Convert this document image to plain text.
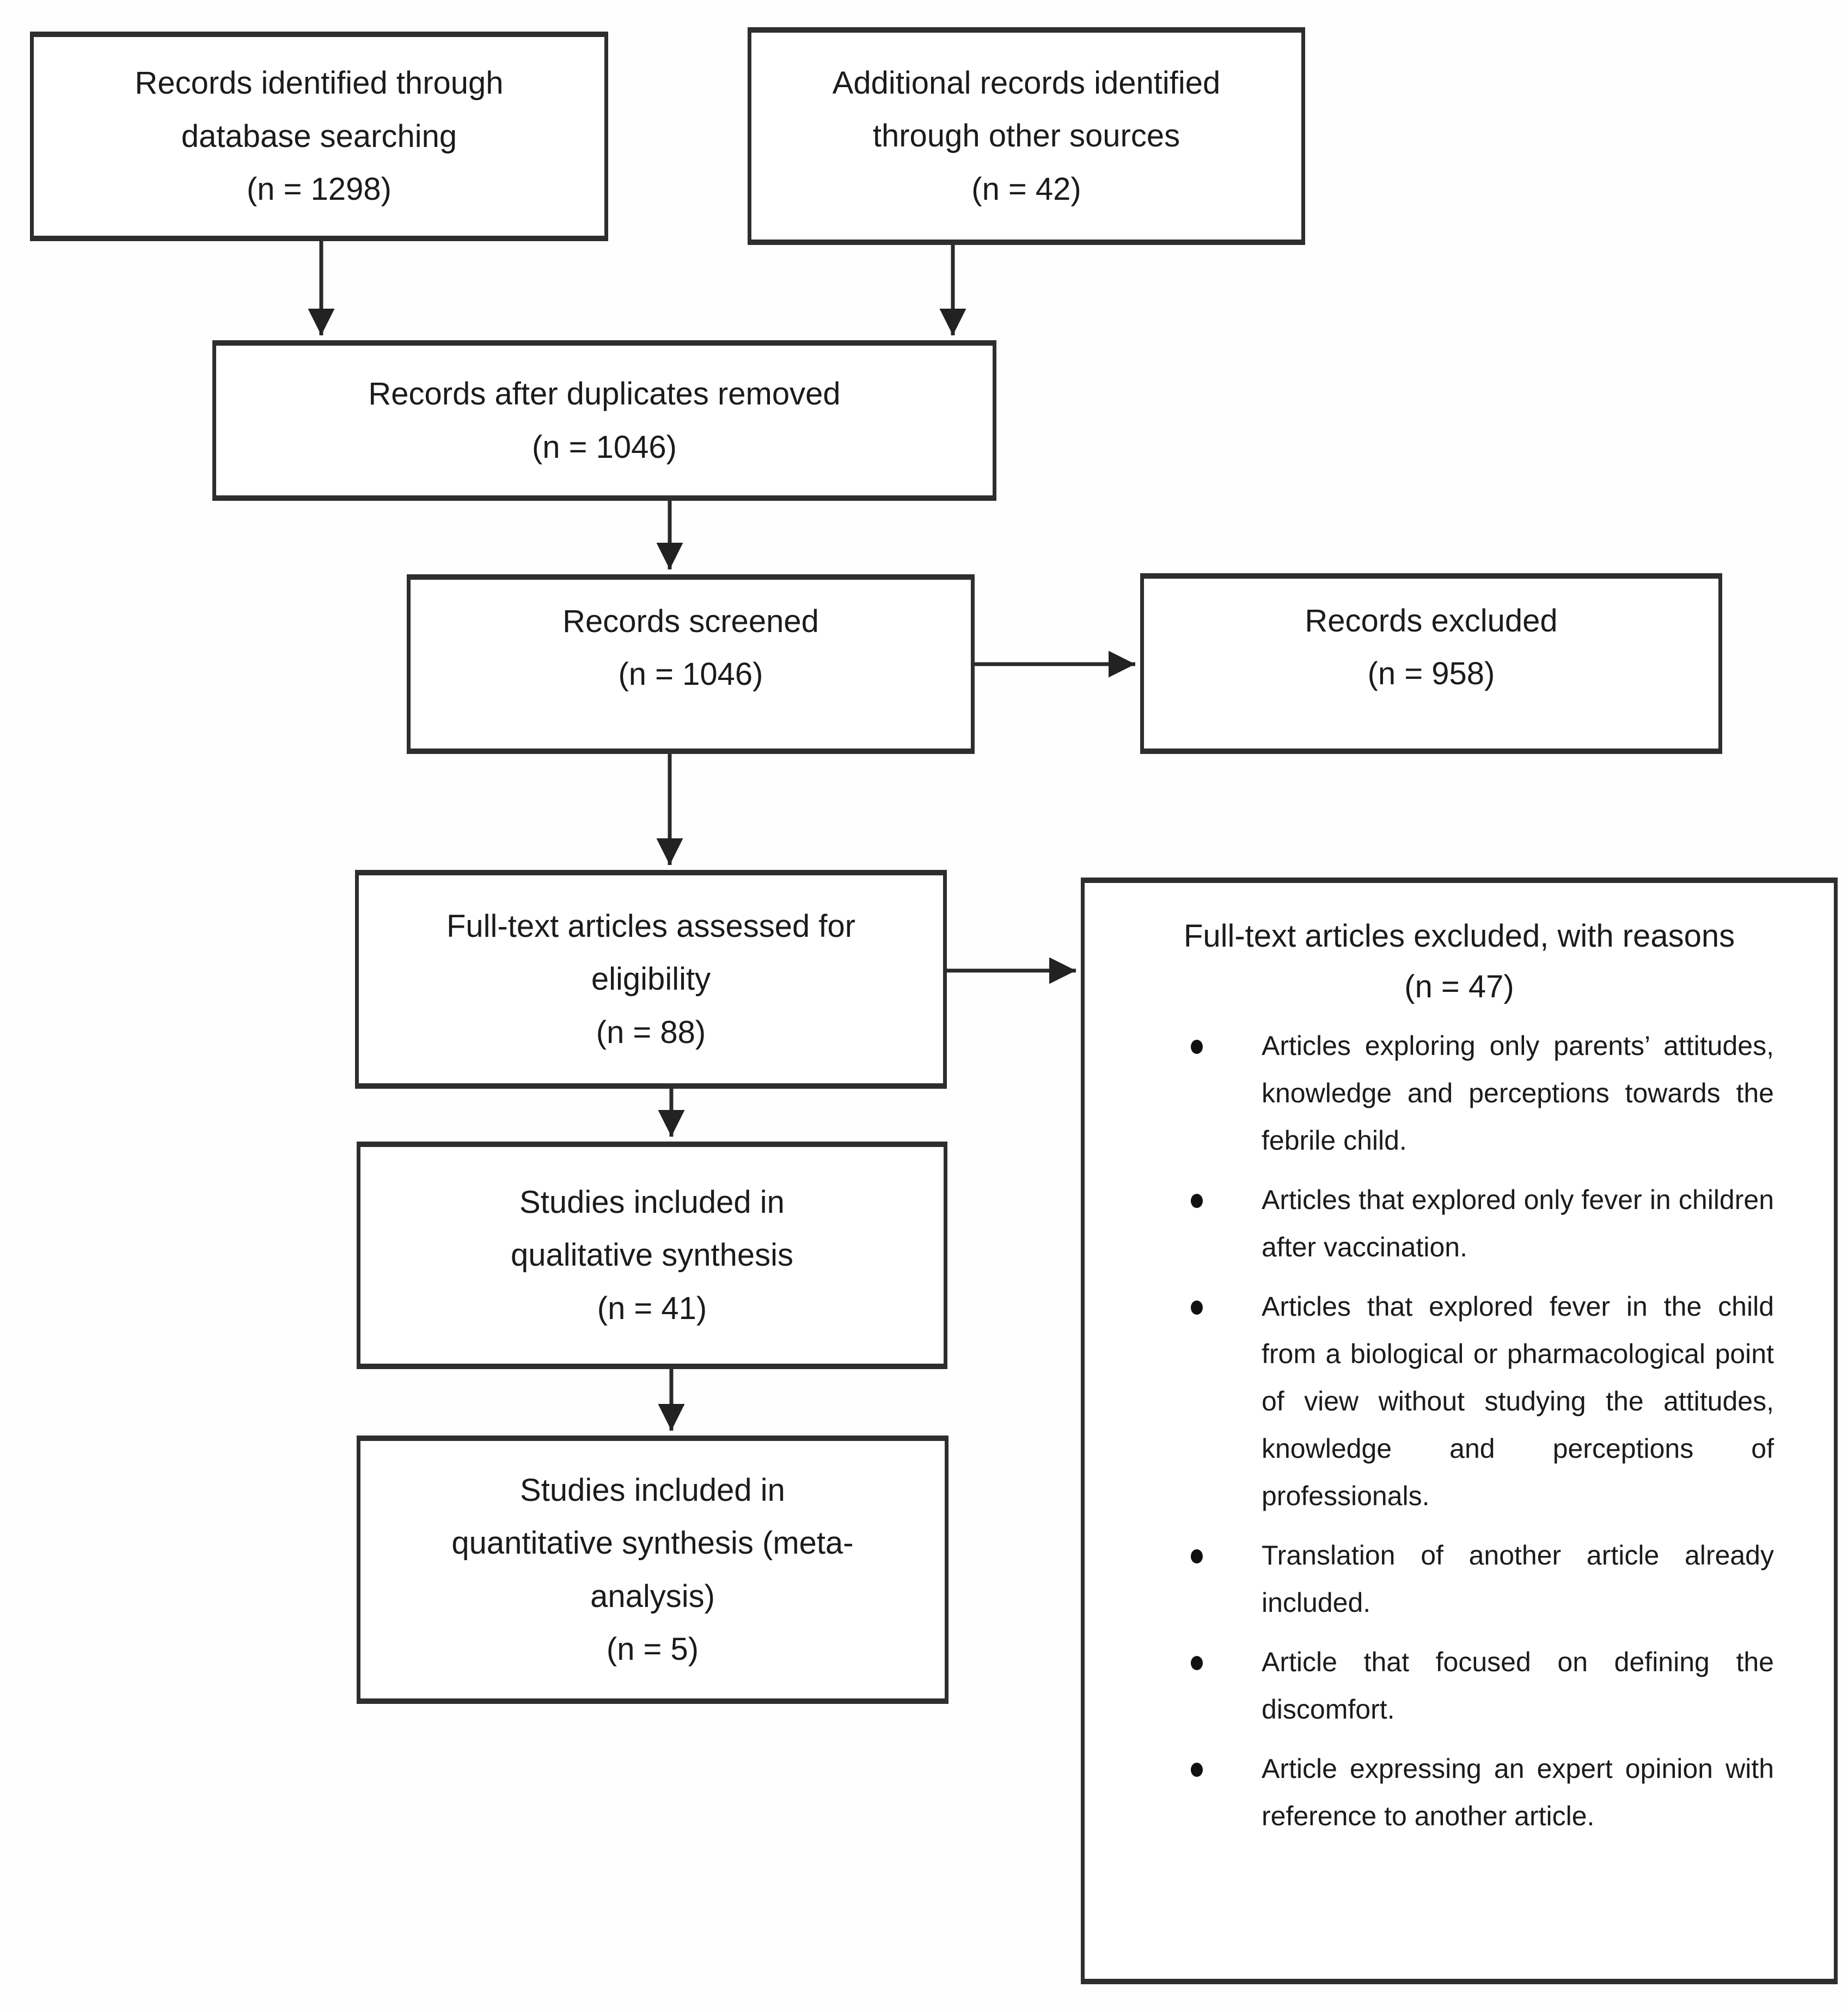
Records identified through
database searching
(n = 1298)
Additional records identified
through other sources
(n = 42)
Records after duplicates removed
(n = 1046)
Records screened
(n = 1046)
Records excluded
(n = 958)
Full-text articles assessed for
eligibility
(n = 88)
Full-text articles excluded, with reasons
(n = 47)
Articles exploring only parents’ attitudes, knowledge and perceptions towards the febrile child.
Articles that explored only fever in children after vaccination.
Articles that explored fever in the child from a biological or pharmacological point of view without studying the attitudes, knowledge and perceptions of professionals.
Translation of another article already included.
Article that focused on defining the discomfort.
Article expressing an expert opinion with reference to another article.
Studies included in
qualitative synthesis
(n = 41)
Studies included in
quantitative synthesis (meta-
analysis)
(n = 5)
